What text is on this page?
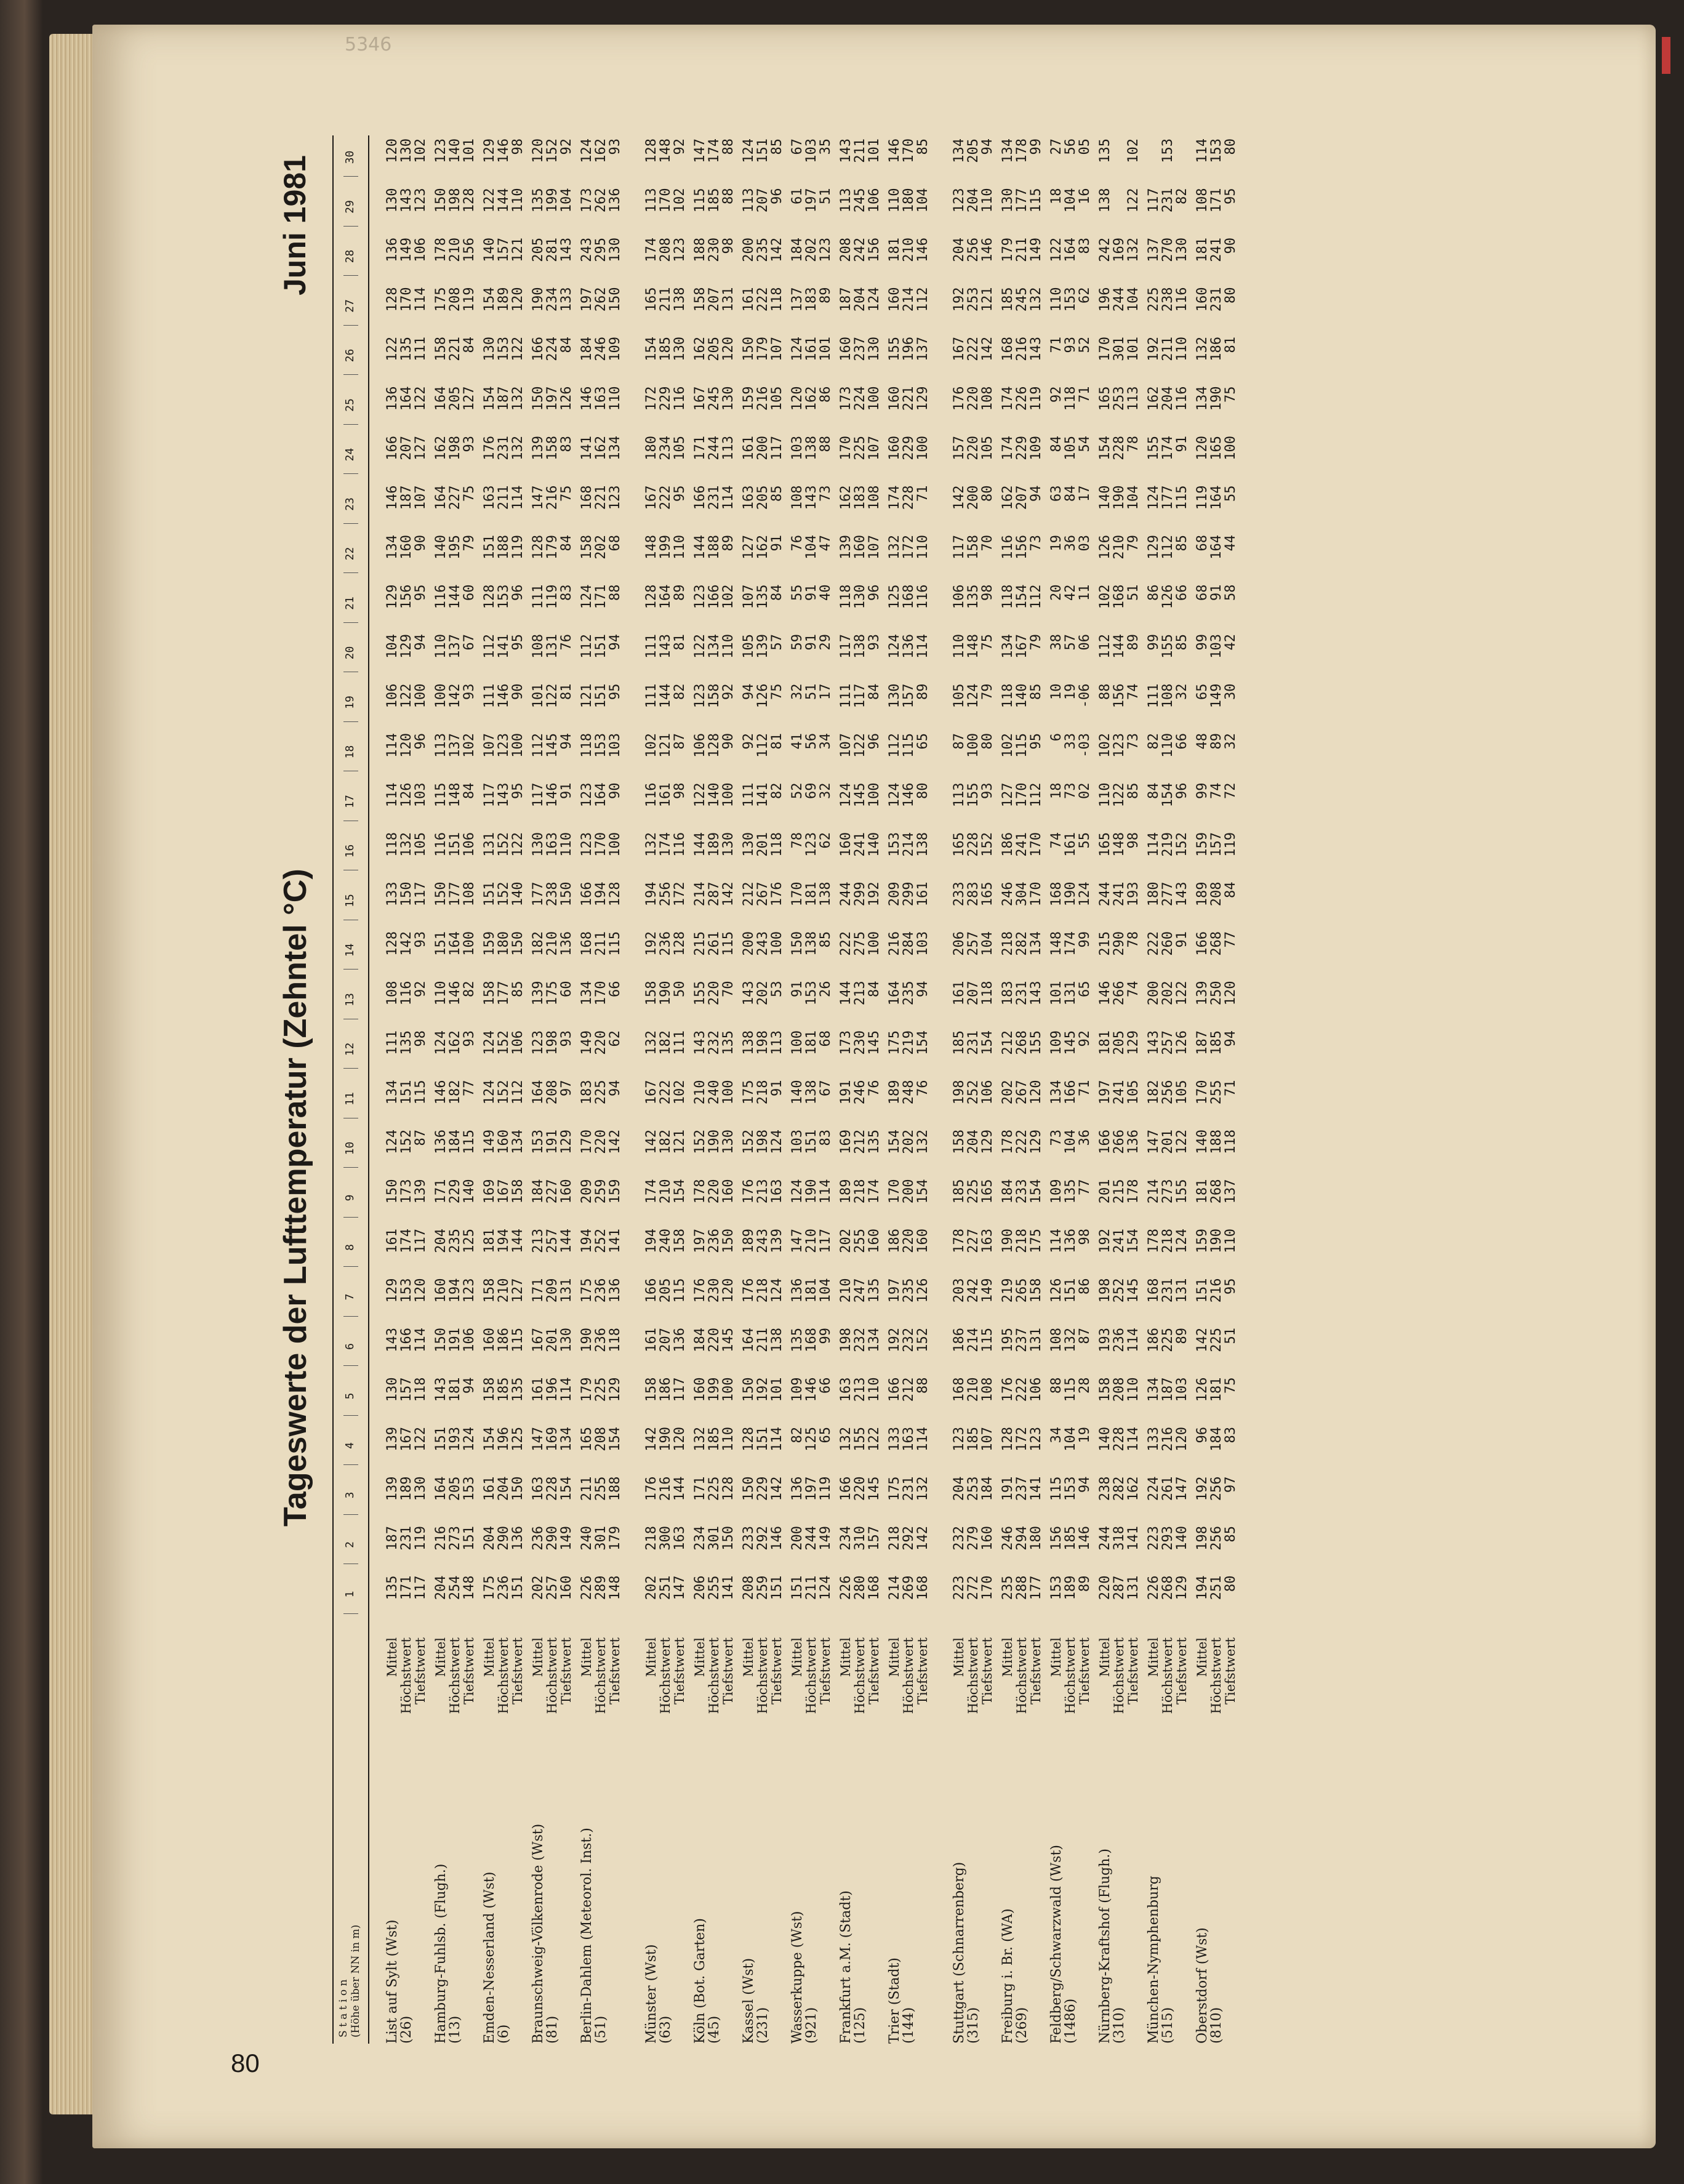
5346
80
Tageswerte der Lufttemperatur (Zehntel °C)
Juni 1981
S t a t i o n (Höhe über NN in m)
1
2
3
4
5
6
7
8
9
10
11
12
13
14
15
16
17
18
19
20
21
22
23
24
25
26
27
28
29
30
List auf Sylt (Wst)
Mittel
135187139139130143129161150124134111108128133118114114106104129134146166136122128136130120
(26)
Höchstwert
171231189167157166153174173152151135116142150132126120122129156160187207164135170149143130
Tiefstwert
1171191301221181141201171398711598929311710510396100949590107127122111114106123102
Hamburg-Fuhlsb. (Flugh.)
Mittel
204216164151143150160204171136146124110151150116115113100110116140164162164158175178150123
(13)
Höchstwert
254273205193181191194235229184182162146164177151148137142137144195227198205221208210198140
Tiefstwert
148151153124941061231251401157793821001081068410293676079759312784119156128101
Emden-Nesserland (Wst)
Mittel
175204161154158160158181169149124124158159151131117107111112128151163176154130154140122129
(6)
Höchstwert
236290204196185186210194167160152152177180152152143123146141153188211231187153189157144146
Tiefstwert
151136150125135115127144158134112106851501401229510090959611911413213212212012111098
Braunschweig-Völkenrode (Wst)
Mittel
202236163147161167171213184153164123139182177130117112101108111128147139150166190205135120
(81)
Höchstwert
257290228169196201209257227191208198175210238163146145122131119179216158197224234281199152
Tiefstwert
16014915413411413013114416012997936013615011091948176838475831268413314310492
Berlin-Dahlem (Meteorol. Inst.)
Mittel
226240211165179190175194209170183149134168166123123118121112124158168141146184197243173124
(51)
Höchstwert
289301255208225236236252259220225220170211194170164153151151171202221162163246262295262162
Tiefstwert
148179188154129118136141159142946266115128100901039594886812313411010915013013693
Münster (Wst)
Mittel
202218176142158161166194174142167132158192194132116102111111128148167180172154165174113128
(63)
Höchstwert
251300216190186207205240210182222182190236256174161121144143164199222234229185211208170148
Tiefstwert
1471631441201171361151581541211021115012817211698878281891109510511613013812310292
Köln (Bot. Garten)
Mittel
206234171132160184176197178152210143155215214144122106123122123144166171167162158188115147
(45)
Höchstwert
255301225185199220230236220190240232220261287189140128158134166188231244245205207230185174
Tiefstwert
14115012811010014512015016013010013570115142130100909211010289114113130120131988888
Kassel (Wst)
Mittel
2082331501281501641761891761521751381432002121301119294105107127163161159150161200113124
(231)
Höchstwert
259292229151192211218243213198218198202243267201141112126139135162205200216179222235207151
Tiefstwert
1511461421141011381241391631249111353100176118828175578491851171051071181429685
Wasserkuppe (Wst)
Mittel
1512001368210913513614712410314010091150170785241325955761081031201241371846167
(921)
Höchstwert
2112441971251461681812101901511381811531381811236956519191104143138162161183202197103
Tiefstwert
124149119656699104117114836768268513862323417294047738886101891235135
Frankfurt a.M. (Stadt)
Mittel
226234166132163198210202189169191173144222244160124107111117118139162170173160187208113143
(125)
Höchstwert
280310220155213232247255218212246230213275299241145122117138130160183225224237204242245211
Tiefstwert
168157145122110134135160174135761458410019214010096849396107108107100130124156106101
Trier (Stadt)
Mittel
214218175133166192197186170154189175164216209153124112130124125132174160160155160181110146
(144)
Höchstwert
269292231163212232235220200202248219235284299214146115157136168172228229221196214210180170
Tiefstwert
1681421321148815212616015413276154941031611388065891141161107110012913711214610485
Stuttgart (Schnarrenberg)
Mittel
22323220412316818620317818515819818516120623316511387105110106117142157176167192204123134
(315)
Höchstwert
272279253185210214242227225204252231207257283228155100124148135158200220220222253256204205
Tiefstwert
1701601841071081151491631651291061541181041651529380797598708010510814212114611094
Freiburg i. Br. (WA)
Mittel
235246191128176195219190184178202212183218246186127102118134118116162174174168185179130134
(269)
Höchstwert
288294237172222237265218233222267268231282304241170115140167154156207229226216245211177178
Tiefstwert
177180141123106131158175154129120155143134170170112958579112739410911914313214911599
Feldberg/Schwarzwald (Wst)
Mittel
1531561153488108126114109731341091011481687418610382019638492711101221827
(1486)
Höchstwert
189185153104115132151136135104166145131174190161733319574236841051189315316410456
Tiefstwert
891469419288786987736719265991245502-03-060611031754715262831605
Nürnberg-Kraftshof (Flugh.)
Mittel
22024423814015819319819220116619718114621524416511010288112102126140154165170196242138135
(310)
Höchstwert
287318282228208236252241215266241205266290241148122123156144168210190228253301244169
Tiefstwert
13114116211411011414515417813610512974781939885737489517910478113101104132122102
München-Nymphenburg
Mittel
22622322413313418616817821414718214320022218011484821119986129124155162192225137117
(515)
Höchstwert
268293261216187225231218273201256257202260277219154110108155126112177174204211238270231153
Tiefstwert
12914014712010389131124155122105126122911431529666328566851159111611011613082
Oberstdorf (Wst)
Mittel
19419819296126142151159181140170187139166189159994865996868119120134132160181108114
(810)
Höchstwert
251256256184181225216190268188255185250268208157748914910391164164165190186231241171153
Tiefstwert
808597837551951101371187194120778411972323042584455100758180909580
